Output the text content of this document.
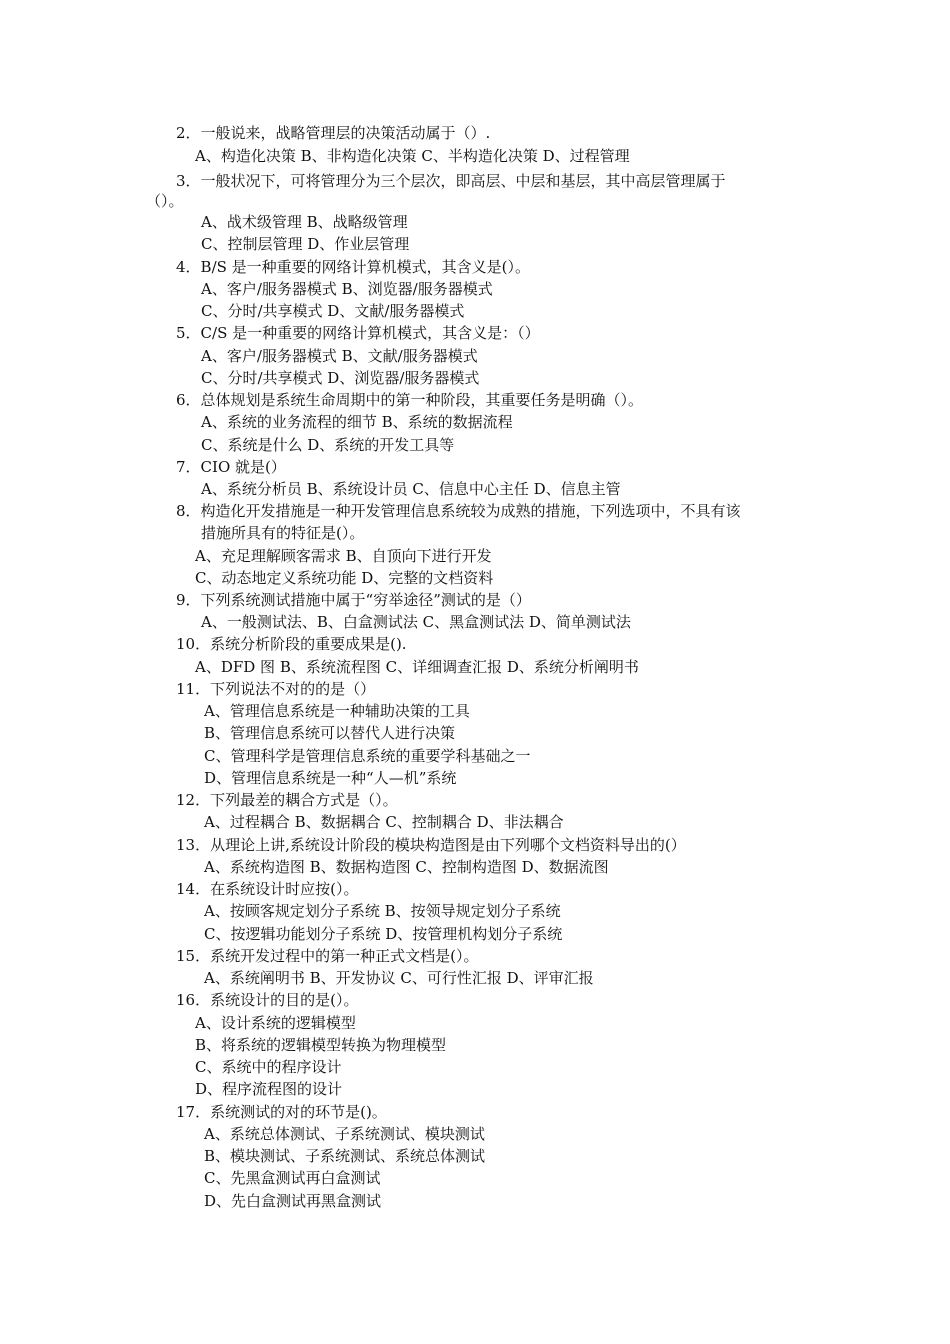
2．一般说来，战略管理层的决策活动属于（）.
A、构造化决策 B、非构造化决策 C、半构造化决策 D、过程管理
3．一般状况下，可将管理分为三个层次，即高层、中层和基层，其中高层管理属于
（）。
A、战术级管理 B、战略级管理
C、控制层管理 D、作业层管理
4．B/S 是一种重要的网络计算机模式，其含义是(）。
A、客户/服务器模式 B、浏览器/服务器模式
C、分时/共享模式 D、文献/服务器模式
5．C/S 是一种重要的网络计算机模式，其含义是：（）
A、客户/服务器模式 B、文献/服务器模式
C、分时/共享模式 D、浏览器/服务器模式
6．总体规划是系统生命周期中的第一种阶段，其重要任务是明确（）。
A、系统的业务流程的细节 B、系统的数据流程
C、系统是什么 D、系统的开发工具等
7．CIO 就是(）
A、系统分析员 B、系统设计员 C、信息中心主任 D、信息主管
8．构造化开发措施是一种开发管理信息系统较为成熟的措施，下列选项中，不具有该
措施所具有的特征是(）。
A、充足理解顾客需求 B、自顶向下进行开发
C、动态地定义系统功能 D、完整的文档资料
9．下列系统测试措施中属于“穷举途径”测试的是（）
A、一般测试法、B、白盒测试法 C、黑盒测试法 D、简单测试法
10．系统分析阶段的重要成果是().
A、DFD 图 B、系统流程图 C、详细调查汇报 D、系统分析阐明书
11．下列说法不对的的是（）
A、管理信息系统是一种辅助决策的工具
B、管理信息系统可以替代人进行决策
C、管理科学是管理信息系统的重要学科基础之一
D、管理信息系统是一种“人—机”系统
12．下列最差的耦合方式是（）。
A、过程耦合 B、数据耦合 C、控制耦合 D、非法耦合
13．从理论上讲,系统设计阶段的模块构造图是由下列哪个文档资料导出的(）
A、系统构造图 B、数据构造图 C、控制构造图 D、数据流图
14．在系统设计时应按(）。
A、按顾客规定划分子系统 B、按领导规定划分子系统
C、按逻辑功能划分子系统 D、按管理机构划分子系统
15．系统开发过程中的第一种正式文档是(）。
A、系统阐明书 B、开发协议 C、可行性汇报 D、评审汇报
16．系统设计的目的是(）。
A、设计系统的逻辑模型
B、将系统的逻辑模型转换为物理模型
C、系统中的程序设计
D、程序流程图的设计
17．系统测试的对的环节是()。
A、系统总体测试、子系统测试、模块测试
B、模块测试、子系统测试、系统总体测试
C、先黑盒测试再白盒测试
D、先白盒测试再黑盒测试
